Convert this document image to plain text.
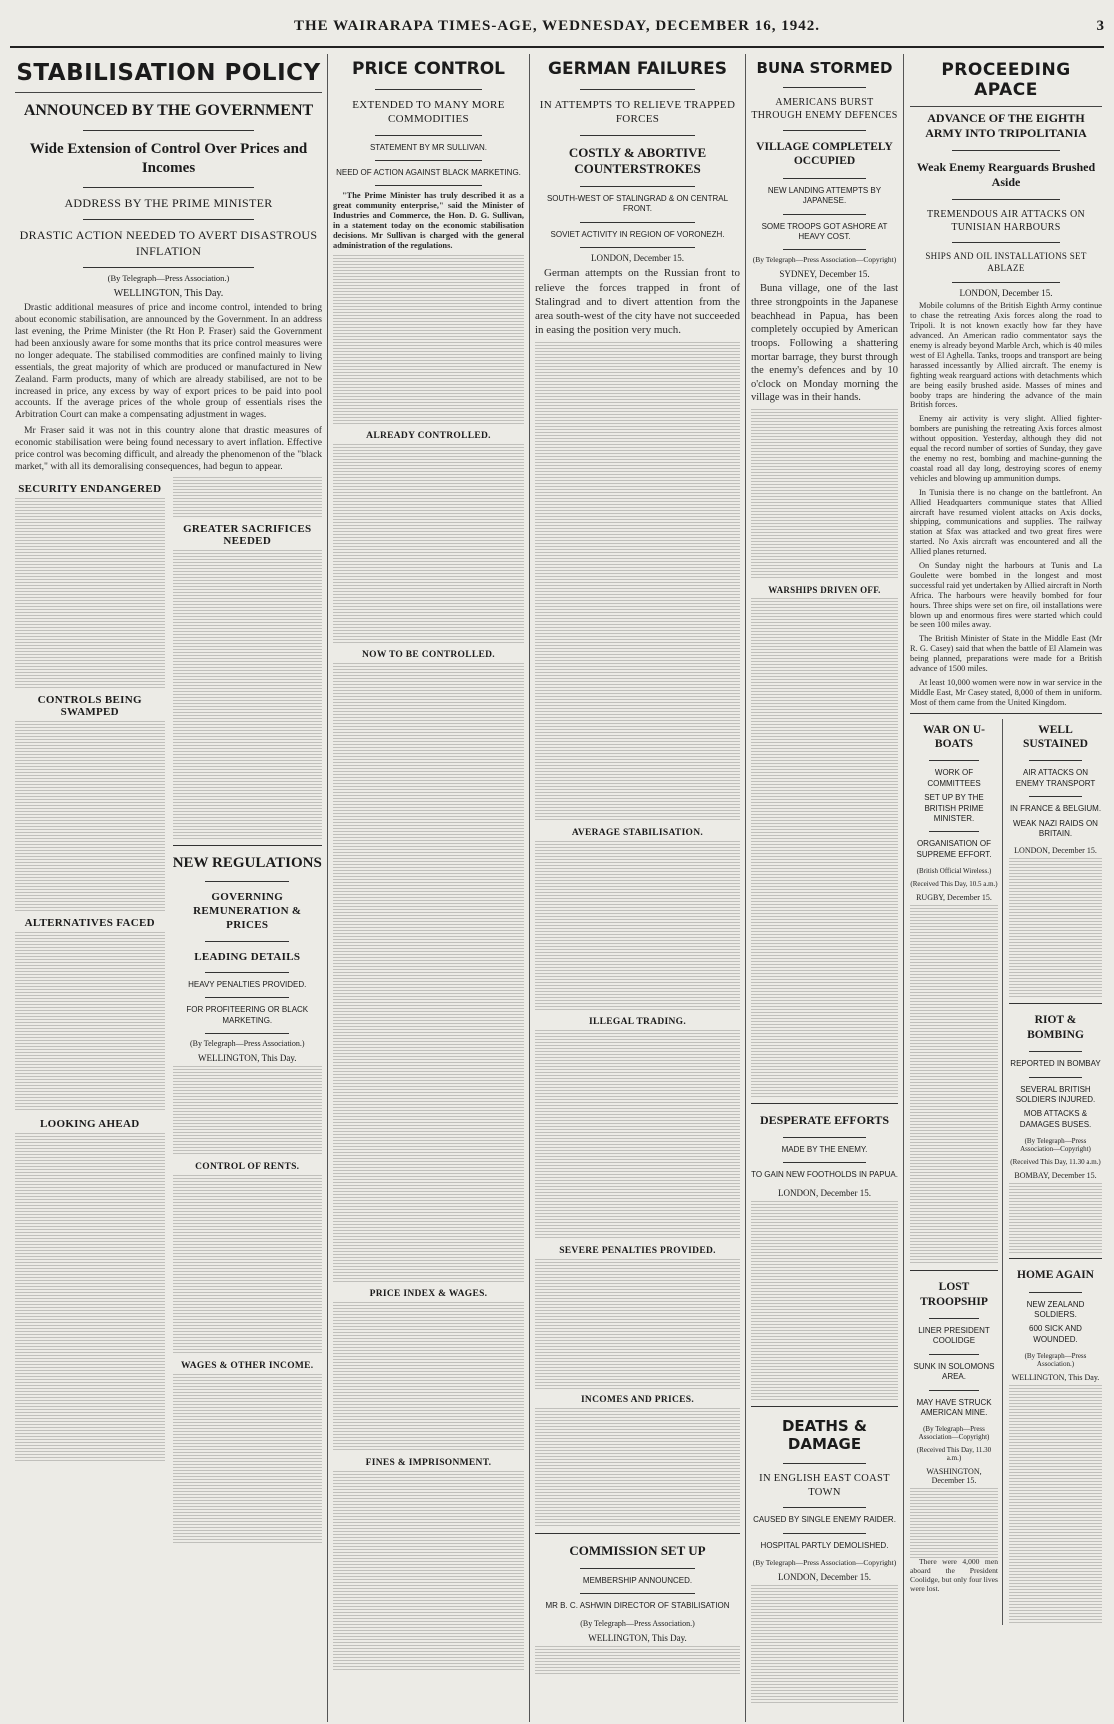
THE WAIRARAPA TIMES-AGE, WEDNESDAY, DECEMBER 16, 1942.	3
STABILISATION POLICY
ANNOUNCED BY THE GOVERNMENT
Wide Extension of Control Over Prices and Incomes
ADDRESS BY THE PRIME MINISTER
DRASTIC ACTION NEEDED TO AVERT DISASTROUS INFLATION
(By Telegraph—Press Association.)
WELLINGTON, This Day.

Drastic additional measures of price and income control, intended to bring about economic stabilisation, are announced by the Government. In an address last evening, the Prime Minister (the Rt Hon P. Fraser) said the Government had been anxiously aware for some months that its price control measures were no longer adequate. The stabilised commodities are confined mainly to living essentials, the great majority of which are produced or manufactured in New Zealand. Farm products, many of which are already stabilised, are not to be increased in price, any excess by way of export prices to be paid into pool accounts. If the average prices of the whole group of essentials rises the Arbitration Court can make a compensating adjustment in wages.

Mr Fraser said it was not in this country alone that drastic measures of economic stabilisation were being found necessary to avert inflation. Effective price control was becoming difficult, and already the phenomenon of the "black market," with all its demoralising consequences, had begun to appear.

SECURITY ENDANGERED
CONTROLS BEING SWAMPED
ALTERNATIVES FACED
LOOKING AHEAD
GREATER SACRIFICES NEEDED
NEW REGULATIONS
GOVERNING REMUNERATION & PRICES
LEADING DETAILS
HEAVY PENALTIES PROVIDED.
FOR PROFITEERING OR BLACK MARKETING.
(By Telegraph—Press Association.)
WELLINGTON, This Day.
CONTROL OF RENTS.
WAGES & OTHER INCOME.
PRICE CONTROL
EXTENDED TO MANY MORE COMMODITIES
STATEMENT BY MR SULLIVAN.
NEED OF ACTION AGAINST BLACK MARKETING.

"The Prime Minister has truly described it as a great community enterprise," said the Minister of Industries and Commerce, the Hon. D. G. Sullivan, in a statement today on the economic stabilisation decisions. Mr Sullivan is charged with the general administration of the regulations.

ALREADY CONTROLLED.
NOW TO BE CONTROLLED.
PRICE INDEX & WAGES.
FINES & IMPRISONMENT.
GERMAN FAILURES
IN ATTEMPTS TO RELIEVE TRAPPED FORCES
COSTLY & ABORTIVE COUNTERSTROKES
SOUTH-WEST OF STALINGRAD & ON CENTRAL FRONT.
SOVIET ACTIVITY IN REGION OF VORONEZH.
LONDON, December 15.

German attempts on the Russian front to relieve the forces trapped in front of Stalingrad and to divert attention from the area south-west of the city have not succeeded in easing the position very much.

AVERAGE STABILISATION.
ILLEGAL TRADING.
SEVERE PENALTIES PROVIDED.
INCOMES AND PRICES.
COMMISSION SET UP
MEMBERSHIP ANNOUNCED.
MR B. C. ASHWIN DIRECTOR OF STABILISATION
(By Telegraph—Press Association.)
WELLINGTON, This Day.
BUNA STORMED
AMERICANS BURST THROUGH ENEMY DEFENCES
VILLAGE COMPLETELY OCCUPIED
NEW LANDING ATTEMPTS BY JAPANESE.
SOME TROOPS GOT ASHORE AT HEAVY COST.
(By Telegraph—Press Association—Copyright)
SYDNEY, December 15.

Buna village, one of the last three strongpoints in the Japanese beachhead in Papua, has been completely occupied by American troops. Following a shattering mortar barrage, they burst through the enemy's defences and by 10 o'clock on Monday morning the village was in their hands.

WARSHIPS DRIVEN OFF.
DESPERATE EFFORTS
MADE BY THE ENEMY.
TO GAIN NEW FOOTHOLDS IN PAPUA.
LONDON, December 15.
DEATHS & DAMAGE
IN ENGLISH EAST COAST TOWN
CAUSED BY SINGLE ENEMY RAIDER.
HOSPITAL PARTLY DEMOLISHED.
(By Telegraph—Press Association—Copyright)
LONDON, December 15.
PROCEEDING APACE
ADVANCE OF THE EIGHTH ARMY INTO TRIPOLITANIA
Weak Enemy Rearguards Brushed Aside
TREMENDOUS AIR ATTACKS ON TUNISIAN HARBOURS
SHIPS AND OIL INSTALLATIONS SET ABLAZE
LONDON, December 15.

Mobile columns of the British Eighth Army continue to chase the retreating Axis forces along the road to Tripoli. It is not known exactly how far they have advanced. An American radio commentator says the enemy is already beyond Marble Arch, which is 40 miles west of El Aghella. Tanks, troops and transport are being harassed incessantly by Allied aircraft. The enemy is fighting weak rearguard actions with detachments which are being easily brushed aside. Masses of mines and booby traps are hindering the advance of the main British forces.

Enemy air activity is very slight. Allied fighter-bombers are punishing the retreating Axis forces almost without opposition. Yesterday, although they did not equal the record number of sorties of Sunday, they gave the enemy no rest, bombing and machine-gunning the coastal road all day long, destroying scores of enemy vehicles and blowing up ammunition dumps.

In Tunisia there is no change on the battlefront. An Allied Headquarters communique states that Allied aircraft have resumed violent attacks on Axis docks, shipping, communications and supplies. The railway station at Sfax was attacked and two great fires were started. No Axis aircraft was encountered and all the Allied planes returned.

On Sunday night the harbours at Tunis and La Goulette were bombed in the longest and most successful raid yet undertaken by Allied aircraft in North Africa. The harbours were heavily bombed for four hours. Three ships were set on fire, oil installations were blown up and enormous fires were started which could be seen 100 miles away.

The British Minister of State in the Middle East (Mr R. G. Casey) said that when the battle of El Alamein was being planned, preparations were made for a British advance of 1500 miles.

At least 10,000 women were now in war service in the Middle East, Mr Casey stated, 8,000 of them in uniform. Most of them came from the United Kingdom.

WAR ON U-BOATS
WORK OF COMMITTEES
SET UP BY THE BRITISH PRIME MINISTER.
ORGANISATION OF SUPREME EFFORT.
(British Official Wireless.)
(Received This Day, 10.5 a.m.)
RUGBY, December 15.
LOST TROOPSHIP
LINER PRESIDENT COOLIDGE
SUNK IN SOLOMONS AREA.
MAY HAVE STRUCK AMERICAN MINE.
(By Telegraph—Press Association—Copyright)
(Received This Day, 11.30 a.m.)
WASHINGTON, December 15.

There were 4,000 men aboard the President Coolidge, but only four lives were lost.

WELL SUSTAINED
AIR ATTACKS ON ENEMY TRANSPORT
IN FRANCE & BELGIUM.
WEAK NAZI RAIDS ON BRITAIN.
LONDON, December 15.
RIOT & BOMBING
REPORTED IN BOMBAY
SEVERAL BRITISH SOLDIERS INJURED.
MOB ATTACKS & DAMAGES BUSES.
(By Telegraph—Press Association—Copyright)
(Received This Day, 11.30 a.m.)
BOMBAY, December 15.
HOME AGAIN
NEW ZEALAND SOLDIERS.
600 SICK AND WOUNDED.
(By Telegraph—Press Association.)
WELLINGTON, This Day.
